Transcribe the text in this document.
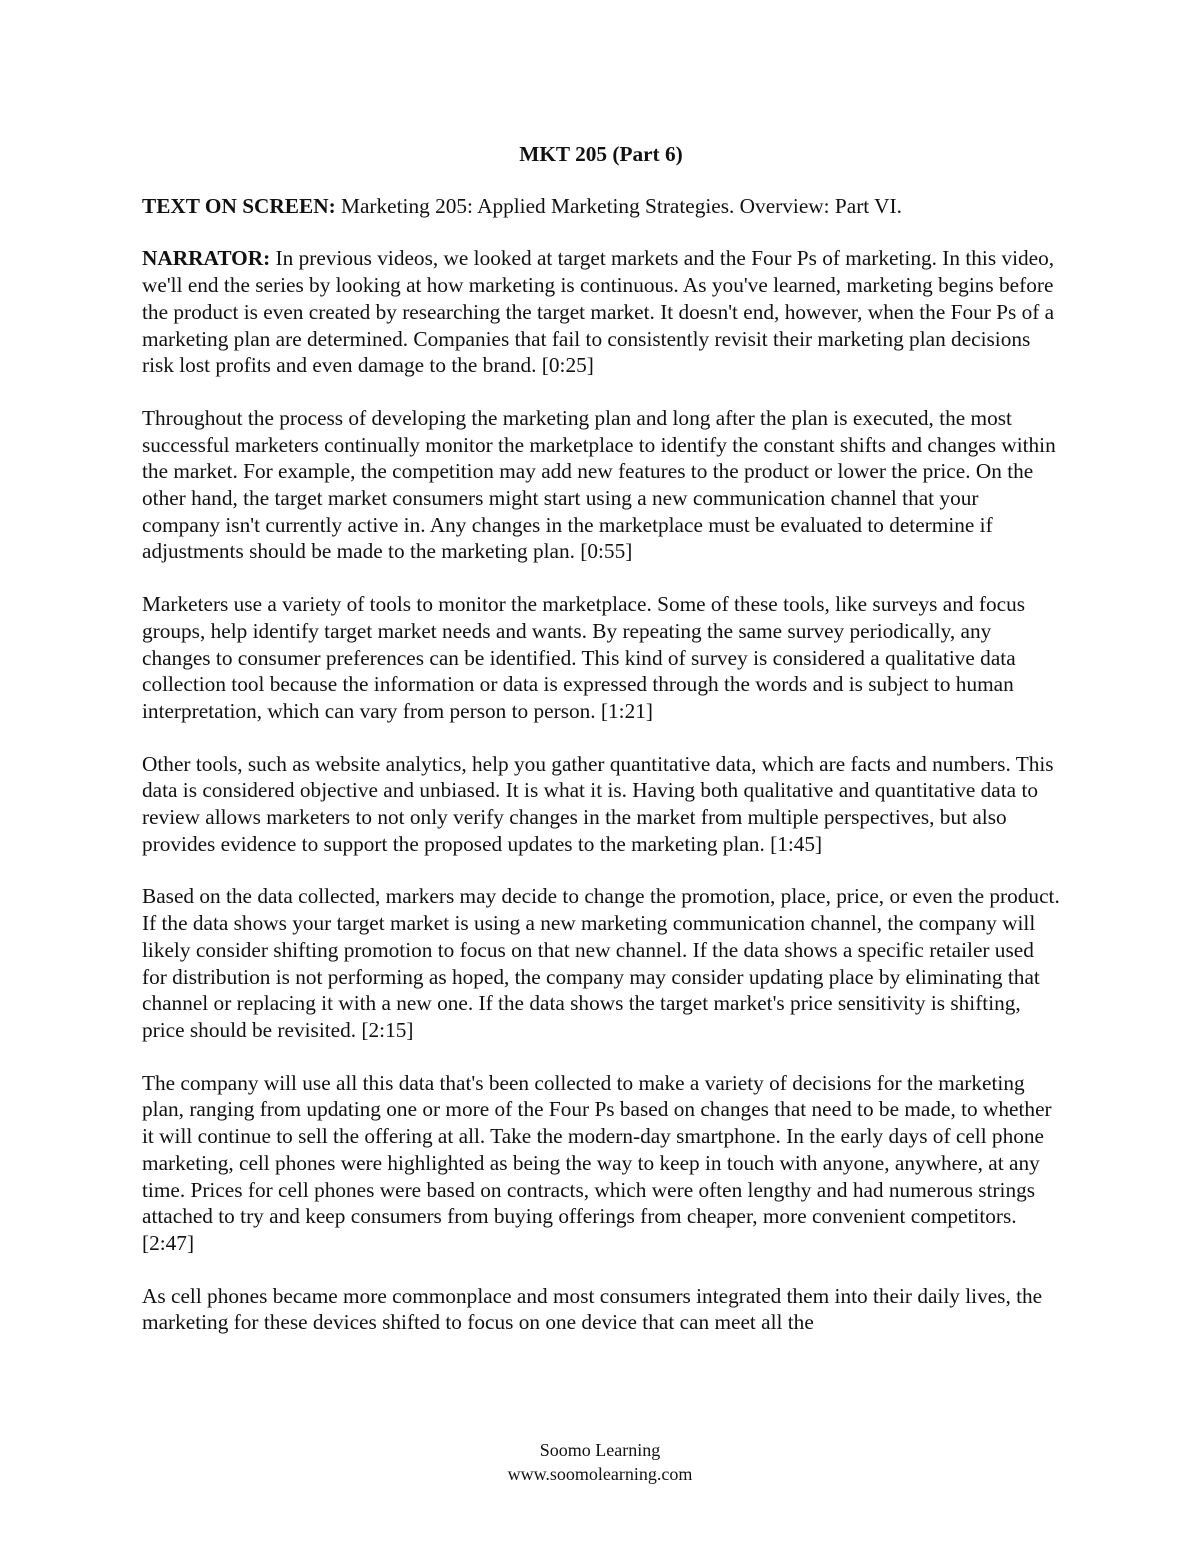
MKT 205 (Part 6)
TEXT ON SCREEN: Marketing 205: Applied Marketing Strategies. Overview: Part VI.
NARRATOR: In previous videos, we looked at target markets and the Four Ps of marketing. In this video, we'll end the series by looking at how marketing is continuous. As you've learned, marketing begins before the product is even created by researching the target market. It doesn't end, however, when the Four Ps of a marketing plan are determined. Companies that fail to consistently revisit their marketing plan decisions risk lost profits and even damage to the brand. [0:25]
Throughout the process of developing the marketing plan and long after the plan is executed, the most successful marketers continually monitor the marketplace to identify the constant shifts and changes within the market. For example, the competition may add new features to the product or lower the price. On the other hand, the target market consumers might start using a new communication channel that your company isn't currently active in. Any changes in the marketplace must be evaluated to determine if adjustments should be made to the marketing plan. [0:55]
Marketers use a variety of tools to monitor the marketplace. Some of these tools, like surveys and focus groups, help identify target market needs and wants. By repeating the same survey periodically, any changes to consumer preferences can be identified. This kind of survey is considered a qualitative data collection tool because the information or data is expressed through the words and is subject to human interpretation, which can vary from person to person. [1:21]
Other tools, such as website analytics, help you gather quantitative data, which are facts and numbers. This data is considered objective and unbiased. It is what it is. Having both qualitative and quantitative data to review allows marketers to not only verify changes in the market from multiple perspectives, but also provides evidence to support the proposed updates to the marketing plan. [1:45]
Based on the data collected, markers may decide to change the promotion, place, price, or even the product. If the data shows your target market is using a new marketing communication channel, the company will likely consider shifting promotion to focus on that new channel. If the data shows a specific retailer used for distribution is not performing as hoped, the company may consider updating place by eliminating that channel or replacing it with a new one. If the data shows the target market's price sensitivity is shifting, price should be revisited. [2:15]
The company will use all this data that's been collected to make a variety of decisions for the marketing plan, ranging from updating one or more of the Four Ps based on changes that need to be made, to whether it will continue to sell the offering at all. Take the modern-day smartphone. In the early days of cell phone marketing, cell phones were highlighted as being the way to keep in touch with anyone, anywhere, at any time. Prices for cell phones were based on contracts, which were often lengthy and had numerous strings attached to try and keep consumers from buying offerings from cheaper, more convenient competitors. [2:47]
As cell phones became more commonplace and most consumers integrated them into their daily lives, the marketing for these devices shifted to focus on one device that can meet all the
Soomo Learning
www.soomolearning.com
